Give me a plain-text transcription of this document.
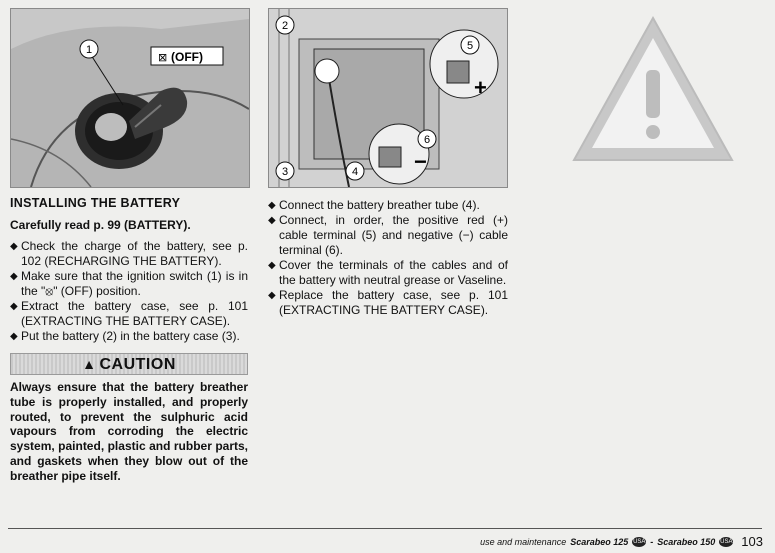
1
⊠ (OFF)
+
−
2
3	4
5
6
INSTALLING THE BATTERY
Carefully read p. 99 (BATTERY).
◆ Check the charge of the battery, see p. 102 (RECHARGING THE BATTERY).
◆ Make sure that the ignition switch (1) is in the "⦻" (OFF) position.
◆ Extract the battery case, see p. 101 (EXTRACTING THE BATTERY CASE).
◆ Put the battery (2) in the battery case (3).
▲ CAUTION
Always ensure that the battery breather tube is properly installed, and properly routed, to prevent the sulphuric acid vapours from corroding the electric system, painted, plastic and rubber parts, and gaskets when they blow out of the breather pipe itself.
◆ Connect the battery breather tube (4).
◆ Connect, in order, the positive red (+) cable terminal (5) and negative (−) cable terminal (6).
◆ Cover the terminals of the cables and of the battery with neutral grease or Vaseline.
◆ Replace the battery case, see p. 101 (EXTRACTING THE BATTERY CASE).
use and maintenance Scarabeo 125 USA - Scarabeo 150 USA 103
